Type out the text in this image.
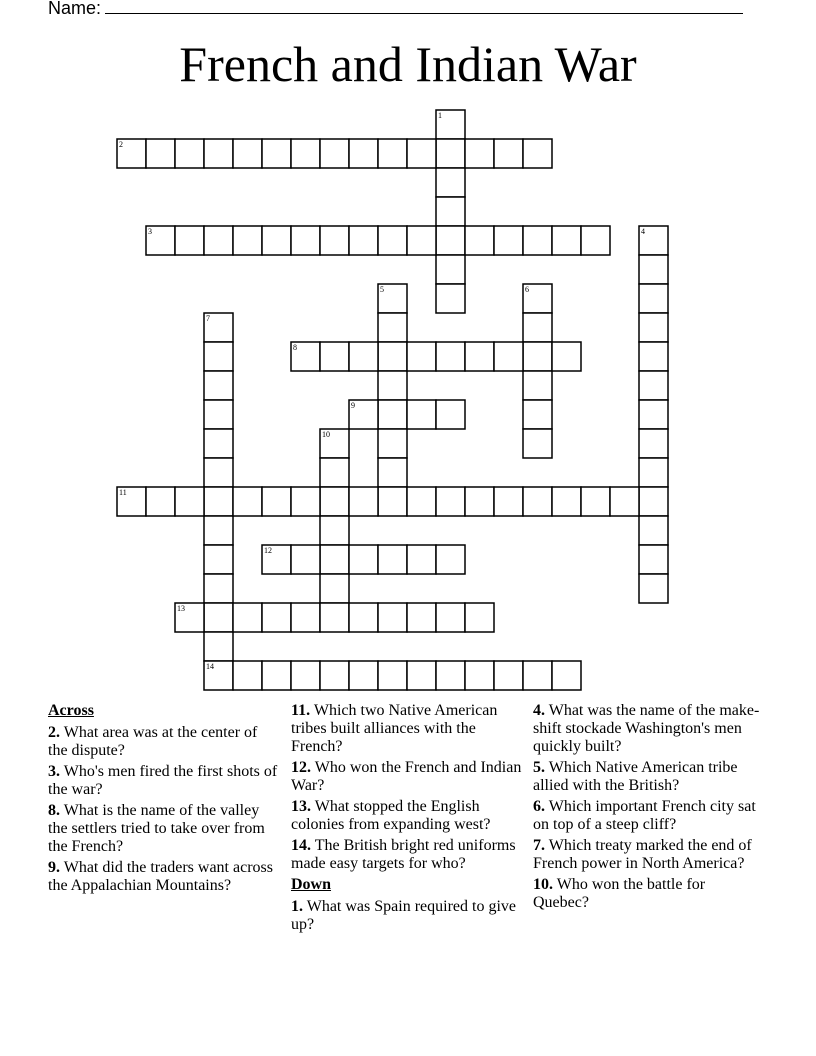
Name:
French and Indian War
1
2
3	4
5	6
7
8
9
10
11
12
13
14
Across
2. What area was at the center of the dispute?
3. Who's men fired the first shots of the war?
8. What is the name of the valley the settlers tried to take over from the French?
9. What did the traders want across the Appalachian Mountains?
11. Which two Native American tribes built alliances with the French?
12. Who won the French and Indian War?
13. What stopped the English colonies from expanding west?
14. The British bright red uniforms made easy targets for who?
Down
1. What was Spain required to give up?
4. What was the name of the make-shift stockade Washington's men quickly built?
5. Which Native American tribe allied with the British?
6. Which important French city sat on top of a steep cliff?
7. Which treaty marked the end of French power in North America?
10. Who won the battle for Quebec?
